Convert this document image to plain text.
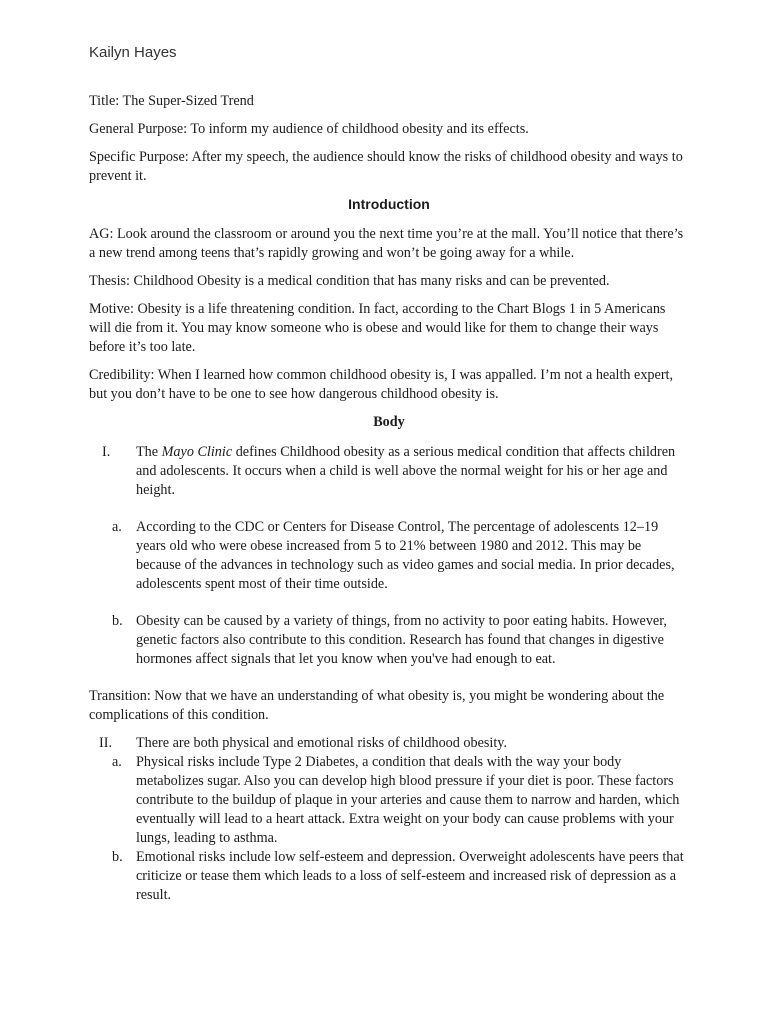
Kailyn Hayes

Title: The Super-Sized Trend

General Purpose: To inform my audience of childhood obesity and its effects.

Specific Purpose: After my speech, the audience should know the risks of childhood obesity and ways to prevent it.

Introduction

AG: Look around the classroom or around you the next time you’re at the mall. You’ll notice that there’s a new trend among teens that’s rapidly growing and won’t be going away for a while.

Thesis: Childhood Obesity is a medical condition that has many risks and can be prevented.

Motive: Obesity is a life threatening condition. In fact, according to the Chart Blogs 1 in 5 Americans will die from it. You may know someone who is obese and would like for them to change their ways before it’s too late.

Credibility: When I learned how common childhood obesity is, I was appalled. I’m not a health expert, but you don’t have to be one to see how dangerous childhood obesity is.

Body
I. The Mayo Clinic defines Childhood obesity as a serious medical condition that affects children and adolescents. It occurs when a child is well above the normal weight for his or her age and height.
a. According to the CDC or Centers for Disease Control, The percentage of adolescents 12–19 years old who were obese increased from 5 to 21% between 1980 and 2012. This may be because of the advances in technology such as video games and social media. In prior decades, adolescents spent most of their time outside.
b. Obesity can be caused by a variety of things, from no activity to poor eating habits. However, genetic factors also contribute to this condition. Research has found that changes in digestive hormones affect signals that let you know when you've had enough to eat.

Transition: Now that we have an understanding of what obesity is, you might be wondering about the complications of this condition.

II. There are both physical and emotional risks of childhood obesity.
a. Physical risks include Type 2 Diabetes, a condition that deals with the way your body metabolizes sugar. Also you can develop high blood pressure if your diet is poor. These factors contribute to the buildup of plaque in your arteries and cause them to narrow and harden, which eventually will lead to a heart attack. Extra weight on your body can cause problems with your lungs, leading to asthma.
b. Emotional risks include low self-esteem and depression. Overweight adolescents have peers that criticize or tease them which leads to a loss of self-esteem and increased risk of depression as a result.
